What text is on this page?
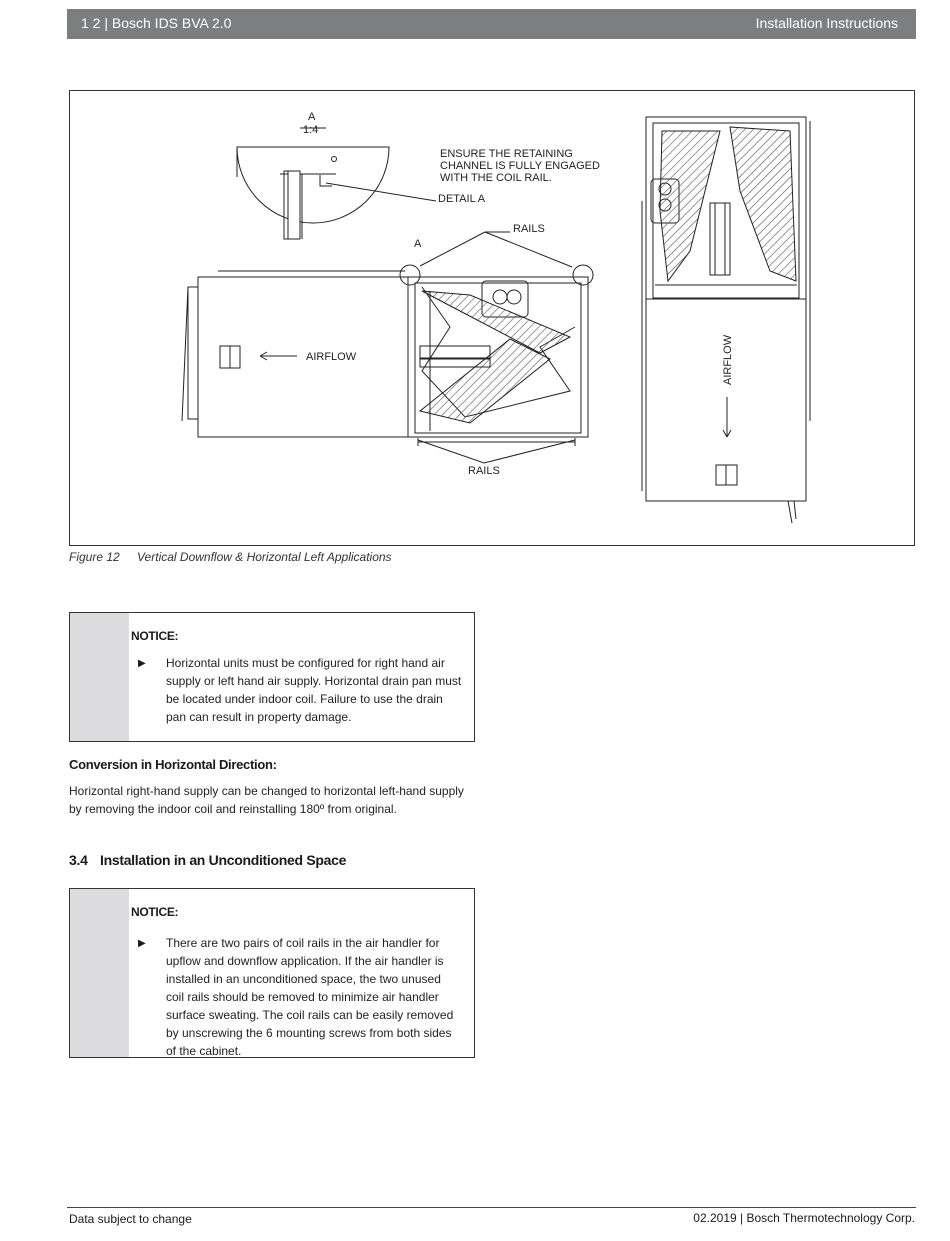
1 2 | Bosch IDS BVA 2.0	Installation Instructions
A
1:4
ENSURE THE RETAINING
CHANNEL IS FULLY ENGAGED
WITH THE COIL RAIL.
DETAIL A
RAILS
A
AIRFLOW
RAILS
AIRFLOW
Figure 12 Vertical Downflow & Horizontal Left Applications
NOTICE:
▶ Horizontal units must be configured for right hand air supply or left hand air supply. Horizontal drain pan must be located under indoor coil. Failure to use the drain pan can result in property damage.
Conversion in Horizontal Direction:
Horizontal right-hand supply can be changed to horizontal left-hand supply by removing the indoor coil and reinstalling 180º from original.
3.4 Installation in an Unconditioned Space
NOTICE:
▶ There are two pairs of coil rails in the air handler for upflow and downflow application. If the air handler is installed in an unconditioned space, the two unused coil rails should be removed to minimize air handler surface sweating. The coil rails can be easily removed by unscrewing the 6 mounting screws from both sides of the cabinet.
Data subject to change	02.2019 | Bosch Thermotechnology Corp.
